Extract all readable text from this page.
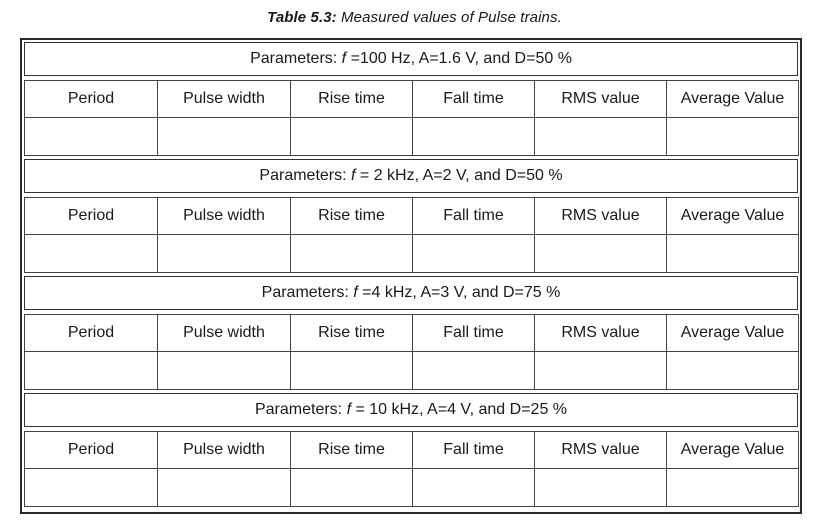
Table 5.3: Measured values of Pulse trains.
Parameters: f =100 Hz, A=1.6 V, and D=50 %
Period	Pulse width	Rise time	Fall time	RMS value	Average Value

Parameters: f = 2 kHz, A=2 V, and D=50 %
Period	Pulse width	Rise time	Fall time	RMS value	Average Value

Parameters: f =4 kHz, A=3 V, and D=75 %
Period	Pulse width	Rise time	Fall time	RMS value	Average Value

Parameters: f = 10 kHz, A=4 V, and D=25 %
Period	Pulse width	Rise time	Fall time	RMS value	Average Value
